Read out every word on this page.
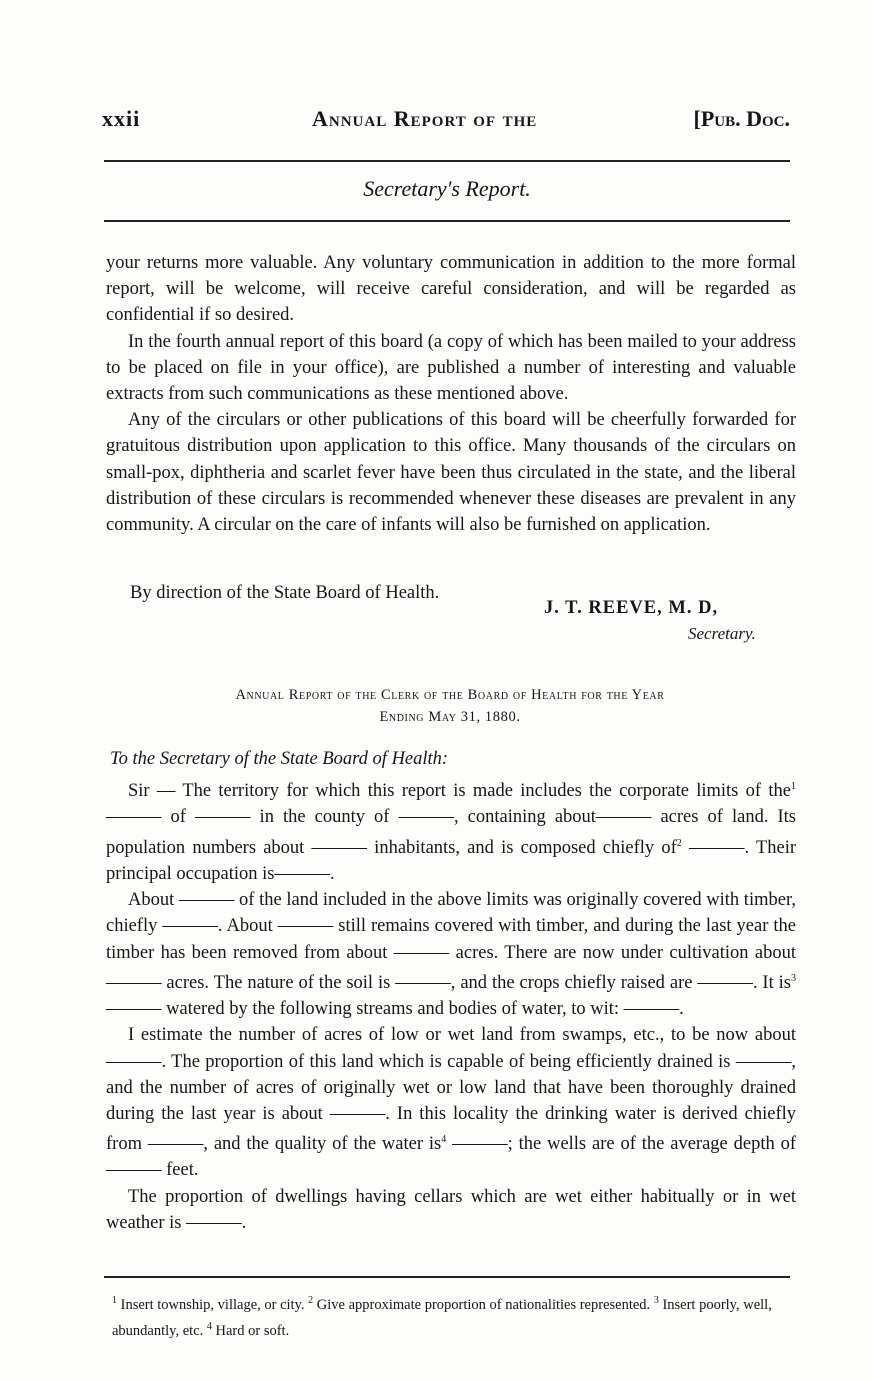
xxii	Annual Report of the	[Pub. Doc.
Secretary's Report.

your returns more valuable. Any voluntary communication in addition to the more formal report, will be welcome, will receive careful consideration, and will be regarded as confidential if so desired.

In the fourth annual report of this board (a copy of which has been mailed to your address to be placed on file in your office), are published a number of interesting and valuable extracts from such communications as these mentioned above.

Any of the circulars or other publications of this board will be cheerfully forwarded for gratuitous distribution upon application to this office. Many thousands of the circulars on small-pox, diphtheria and scarlet fever have been thus circulated in the state, and the liberal distribution of these circulars is recommended whenever these diseases are prevalent in any community. A circular on the care of infants will also be furnished on application.

By direction of the State Board of Health.
J. T. REEVE, M. D,
Secretary.
Annual Report of the Clerk of the Board of Health for the Year
Ending May 31, 1880.
To the Secretary of the State Board of Health:

Sir — The territory for which this report is made includes the corporate limits of the$^1$ ——— of ——— in the county of ———, containing about——— acres of land. Its population numbers about ——— inhabitants, and is composed chiefly $of^2$ ———. Their principal occupation is———.

About ——— of the land included in the above limits was originally covered with timber, chiefly ———. About ——— still remains covered with timber, and during the last year the timber has been removed from about ——— acres. There are now under cultivation about ——— acres. The nature of the soil is ———, and the crops chiefly raised are ———. It $is^3$ ——— watered by the following streams and bodies of water, to wit: ———.

I estimate the number of acres of low or wet land from swamps, etc., to be now about ———. The proportion of this land which is capable of being efficiently drained is ———, and the number of acres of originally wet or low land that have been thoroughly drained during the last year is about ———. In this locality the drinking water is derived chiefly from ———, and the quality of the water $is^4$ ———; the wells are of the average depth of ——— feet.

The proportion of dwellings having cellars which are wet either habitually or in wet weather is ———.

$^1$ Insert township, village, or city. $^2$ Give approximate proportion of nationalities represented. $^3$ Insert poorly, well, abundantly, etc. $^4$ Hard or soft.
